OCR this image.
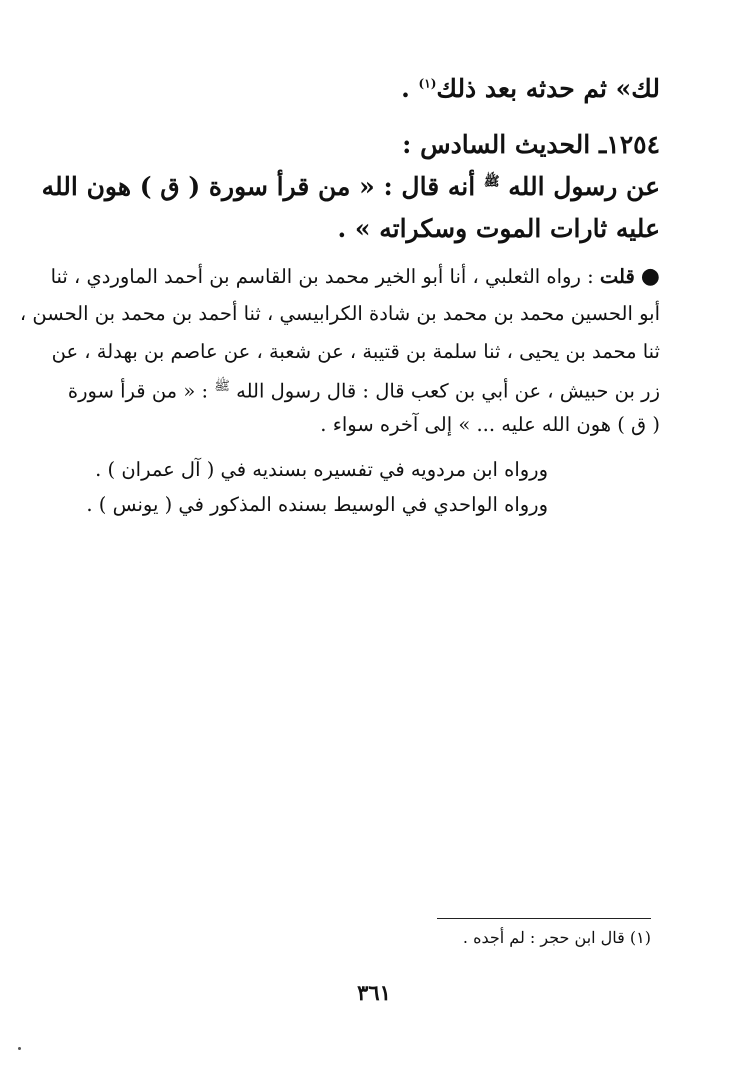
لك» ثم حدثه بعد ذلك$^{(١)}$ .
١٢٥٤ـ الحديث السادس :
عن رسول الله $^ﷺ$ أنه قال : « من قرأ سورة ( ق ) هون الله
عليه ثارات الموت وسكراته » .
●قلت : رواه الثعلبي ، أنا أبو الخير محمد بن القاسم بن أحمد الماوردي ، ثنا
أبو الحسين محمد بن محمد بن شادة الكرابيسي ، ثنا أحمد بن محمد بن الحسن ،
ثنا محمد بن يحيى ، ثنا سلمة بن قتيبة ، عن شعبة ، عن عاصم بن بهدلة ، عن
زر بن حبيش ، عن أبي بن كعب قال : قال رسول الله $^ﷺ$ : « من قرأ سورة
( ق ) هون الله عليه ... » إلى آخره سواء .
ورواه ابن مردويه في تفسيره بسنديه في ( آل عمران ) .
ورواه الواحدي في الوسيط بسنده المذكور في ( يونس ) .
(١) قال ابن حجر : لم أجده .
٣٦١
